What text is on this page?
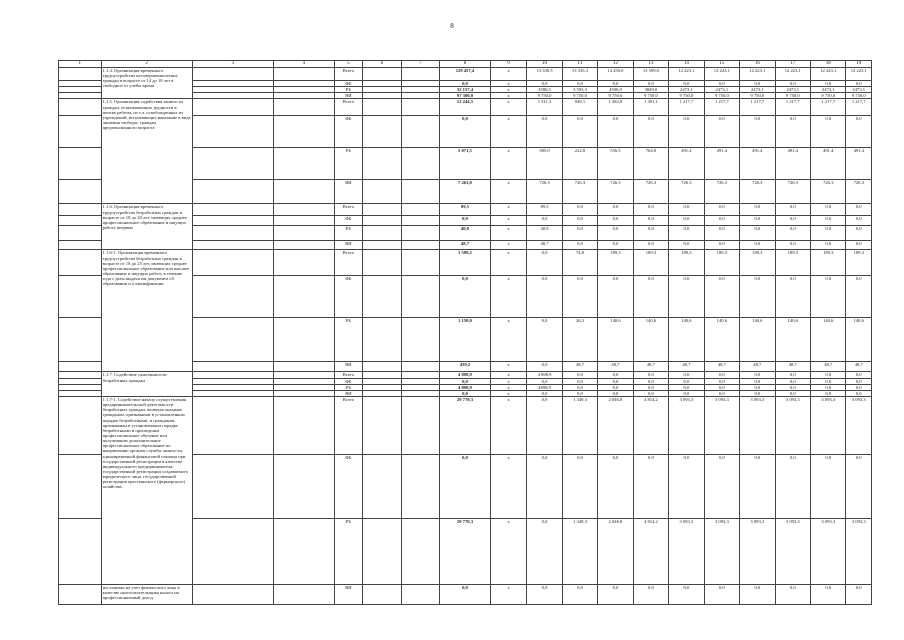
8
1	2	3	4	5	6	7	8	9	10	11	12	13	14	15	16	17	18	19
	1.1.4. Организация временного трудоустройства несовершеннолетних граждан в возрасте от 14 до 18 лет в свободное от учебы время			Всего			129 457,4	х	13 330,5	13 335,3	14 250,0	13 599,0	12 223,1	12 223,1	12 223,1	12 223,1	12 223,1	12 223,1
				ФБ			0,0	х	0,0	0,0	0,0	0,0	0,0	0,0	0,0	0,0	0,0	0,0
				РБ			32 157,4	х	3586,5	3 593,3	4500,0	3849,0	2473,1	2473,1	2473,1	2473,1	2473,1	2473,1
				ВИ			97 300,0	х	9 750,0	9 750,0	9 750,0	9 750,0	9 750,0	9 750,0	9 750,0	9 750,0	9 750,0	9 750,0
	1.1.5. Организация содействия занятости граждан, испытывающих трудности в поиске работы, из т.ч. освобожденных из учреждений, исполняющих наказание в виде лишения свободы, граждан предпенсионного возраста			Всего			12 244,5	х	1 311,3	949,1	1 282,8	1 491,1	1 217,7	1 217,7	1 217,7	1 217,7	1 217,7	1 217,7
				ФБ			0,0	х	0,0	0,0	0,0	0,0	0,0	0,0	0,0	0,0	0,0	0,0
				РБ			5 071,5	х	585,0	222,8	556,5	764,8	491,4	491,4	491,4	491,4	491,4	491,4
				ВИ			7 263,0	х	726,3	726,3	726,3	726,3	726,3	726,3	726,3	726,3	726,3	726,3
	1.1.6. Организация временного трудоустройства безработных граждан в возрасте от 18 до 20 лет, имеющих среднее профессиональное образование и ищущих работу впервые			Всего			89,5	х	89,5	0,0	0,0	0,0	0,0	0,0	0,0	0,0	0,0	0,0
				ФБ			0,0	х	0,0	0,0	0,0	0,0	0,0	0,0	0,0	0,0	0,0	0,0
				РБ			40,8	х	40,8	0,0	0,0	0,0	0,0	0,0	0,0	0,0	0,0	0,0
				ВИ			48,7	х	48,7	0,0	0,0	0,0	0,0	0,0	0,0	0,0	0,0	0,0
	1.1.6-1. Организация временного трудоустройства безработных граждан в возрасте от 18 до 25 лет, имеющих среднее профессиональное образование или высшее образование и ищущих работу в течение года с даты выдачи им документа об образовании и о квалификации			Всего			1 589,2	х	0,0	74,8	189,3	189,3	189,3	189,3	189,3	189,3	189,3	189,3
				ФБ			0,0	х	0,0	0,0	0,0	0,0	0,0	0,0	0,0	0,0	0,0	0,0
				РБ			1 150,0	х	0,0	26,3	140,6	140,6	140,6	140,6	140,6	140,6	140,6	140,6
				ВИ			439,2	х	0,0	48,7	48,7	48,7	48,7	48,7	48,7	48,7	48,7	48,7
	1.1.7. Содействие самозанятости безработных граждан			Всего			4 898,9	х	4 898,9	0,0	0,0	0,0	0,0	0,0	0,0	0,0	0,0	0,0
				ФБ			0,0	х	0,0	0,0	0,0	0,0	0,0	0,0	0,0	0,0	0,0	0,0
				РБ			4 898,9	х	4898,9	0,0	0,0	0,0	0,0	0,0	0,0	0,0	0,0	0,0
				ВИ			0,0	х	0,0	0,0	0,0	0,0	0,0	0,0	0,0	0,0	0,0	0,0
	1.1.7-1. Содействие началу осуществления предпринимательской деятельности безработных граждан, включая оказание гражданам, признанным в установленном порядке безработными, и гражданам, признанным в установленном порядке безработными и прошедшим профессиональное обучение или получившим дополнительное профессиональное образование по направлению органов службы занятости, единовременной финансовой помощи при государственной регистрации в качестве индивидуального предпринимателя, государственной регистрации создаваемого юридического лица, государственной регистрации крестьянского (фермерского) хозяйства,			Всего			29 770,3	х	0,0	1 349,3	2 046,8	4 814,2	3 093,3	3 093,3	3 093,3	3 093,3	3 093,3	3 093,3
				ФБ			0,0	х	0,0	0,0	0,0	0,0	0,0	0,0	0,0	0,0	0,0	0,0
				РБ			29 770,3	х	0,0	1 349,3	2 046,8	4 814,2	3 093,3	3 093,3	3 093,3	3 093,3	3 093,3	3 093,3
	постановке на учет физического лица в качестве налогоплательщика налога на профессиональный доход			ВИ			0,0	х	0,0	0,0	0,0	0,0	0,0	0,0	0,0	0,0	0,0	0,0
